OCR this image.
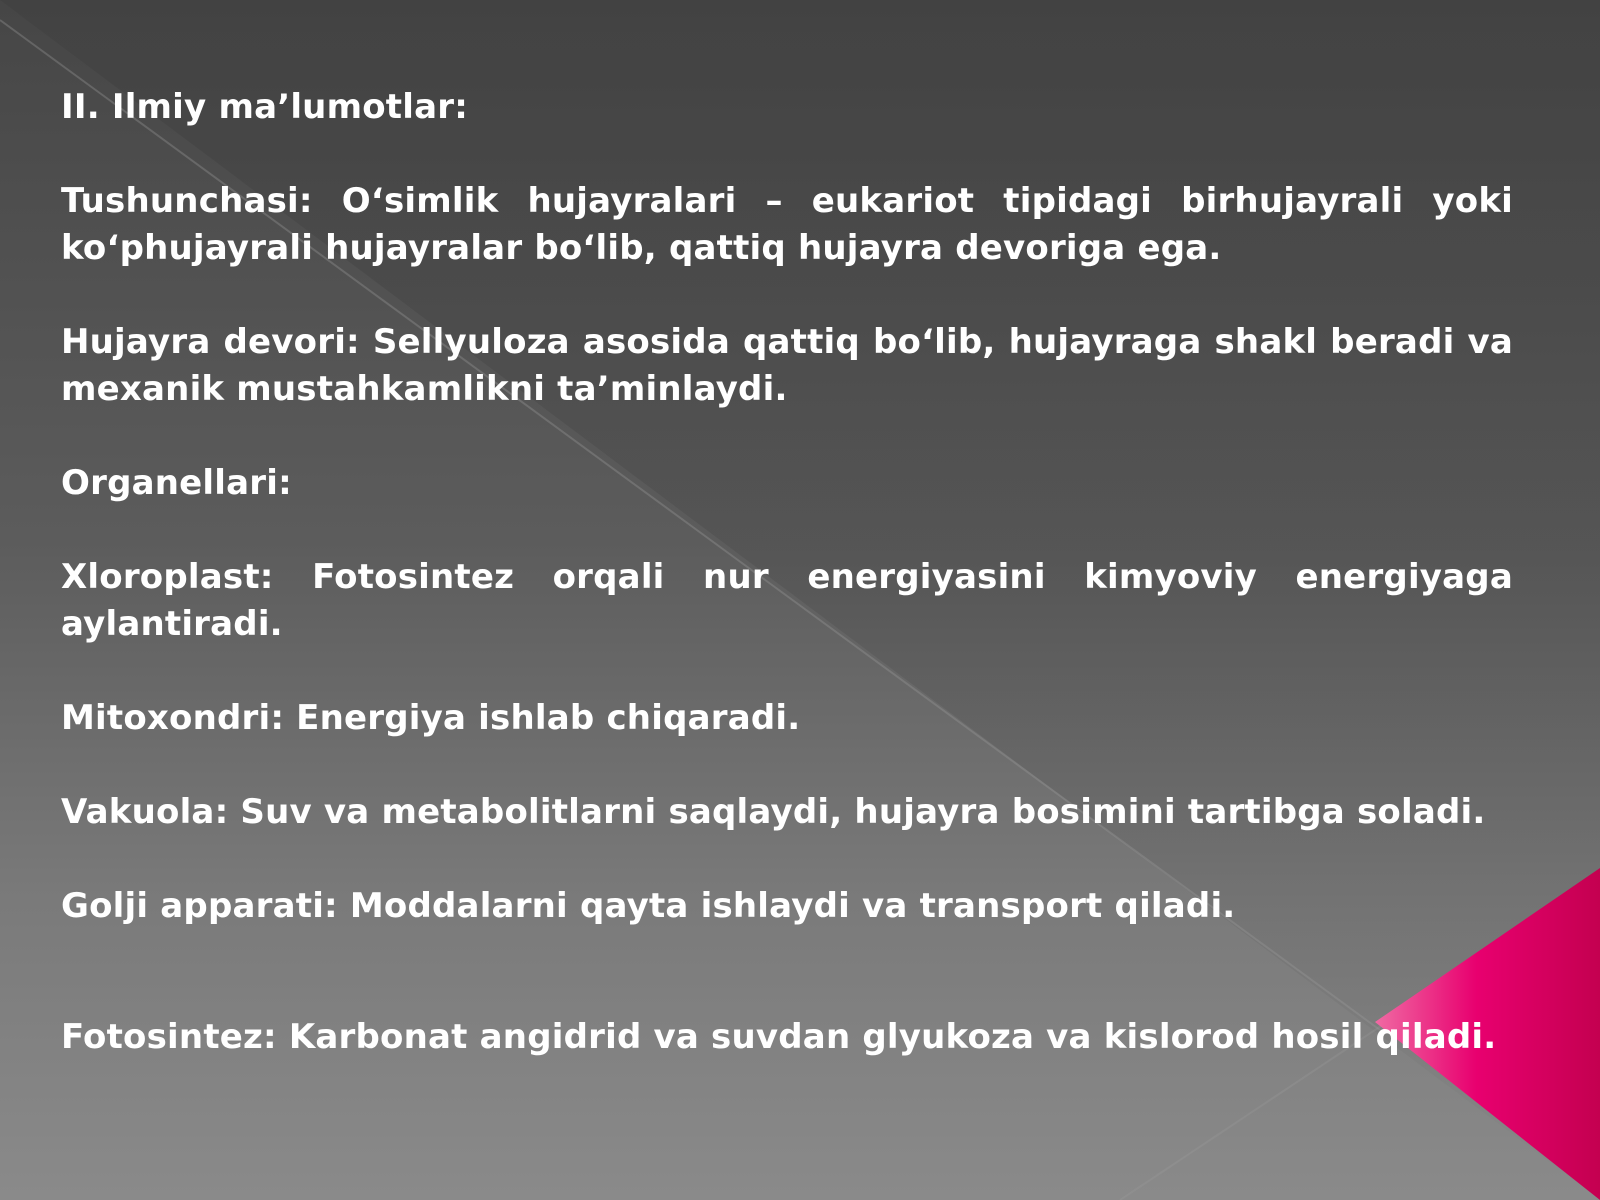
II. Ilmiy ma’lumotlar:

Tushunchasi: O‘simlik hujayralari – eukariot tipidagi birhujayrali yoki ko‘phujayrali hujayralar bo‘lib, qattiq hujayra devoriga ega.

Hujayra devori: Sellyuloza asosida qattiq bo‘lib, hujayraga shakl beradi va mexanik mustahkamlikni ta’minlaydi.

Organellari:

Xloroplast: Fotosintez orqali nur energiyasini kimyoviy energiyaga aylantiradi.

Mitoxondri: Energiya ishlab chiqaradi.

Vakuola: Suv va metabolitlarni saqlaydi, hujayra bosimini tartibga soladi.

Golji apparati: Moddalarni qayta ishlaydi va transport qiladi.

Fotosintez: Karbonat angidrid va suvdan glyukoza va kislorod hosil qiladi.
